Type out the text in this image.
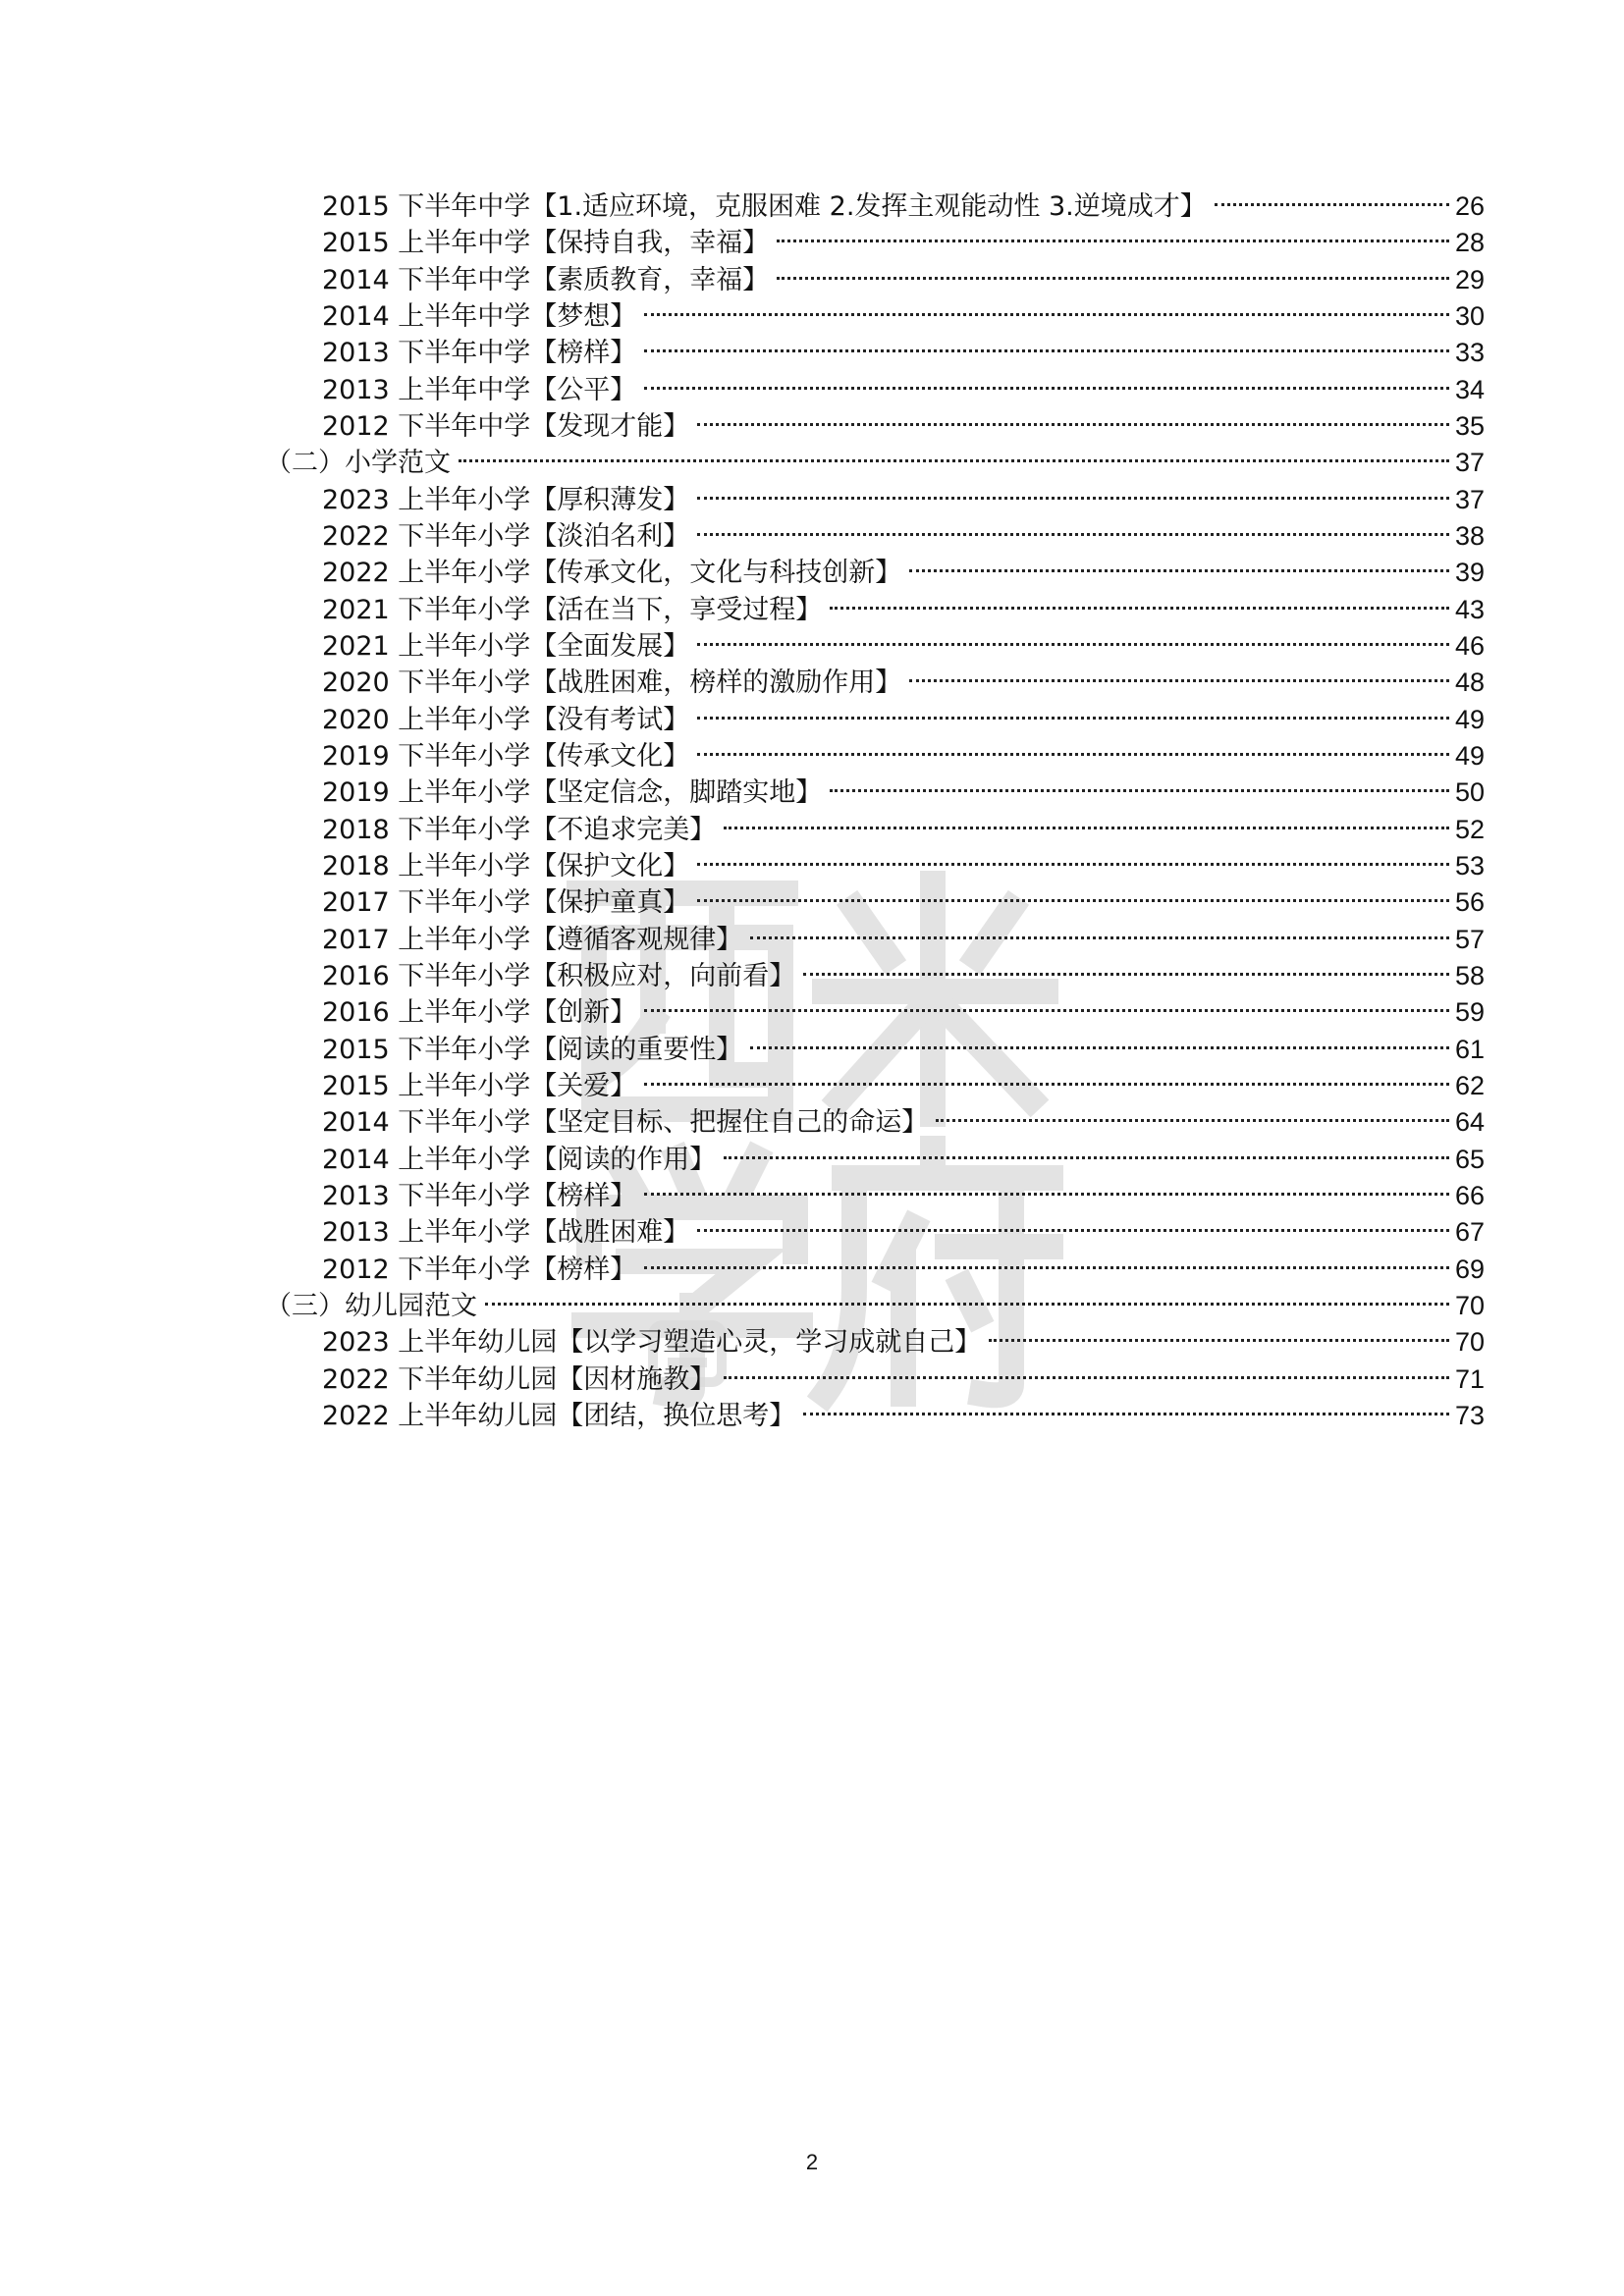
2015 下半年中学【1.适应环境，克服困难 2.发挥主观能动性 3.逆境成才】	26
2015 上半年中学【保持自我，幸福】	28
2014 下半年中学【素质教育，幸福】	29
2014 上半年中学【梦想】	30
2013 下半年中学【榜样】	33
2013 上半年中学【公平】	34
2012 下半年中学【发现才能】	35
（二）小学范文	37
2023 上半年小学【厚积薄发】	37
2022 下半年小学【淡泊名利】	38
2022 上半年小学【传承文化，文化与科技创新】	39
2021 下半年小学【活在当下，享受过程】	43
2021 上半年小学【全面发展】	46
2020 下半年小学【战胜困难，榜样的激励作用】	48
2020 上半年小学【没有考试】	49
2019 下半年小学【传承文化】	49
2019 上半年小学【坚定信念，脚踏实地】	50
2018 下半年小学【不追求完美】	52
2018 上半年小学【保护文化】	53
2017 下半年小学【保护童真】	56
2017 上半年小学【遵循客观规律】	57
2016 下半年小学【积极应对，向前看】	58
2016 上半年小学【创新】	59
2015 下半年小学【阅读的重要性】	61
2015 上半年小学【关爱】	62
2014 下半年小学【坚定目标、把握住自己的命运】	64
2014 上半年小学【阅读的作用】	65
2013 下半年小学【榜样】	66
2013 上半年小学【战胜困难】	67
2012 下半年小学【榜样】	69
（三）幼儿园范文	70
2023 上半年幼儿园【以学习塑造心灵，学习成就自己】	70
2022 下半年幼儿园【因材施教】	71
2022 上半年幼儿园【团结，换位思考】	73
2
